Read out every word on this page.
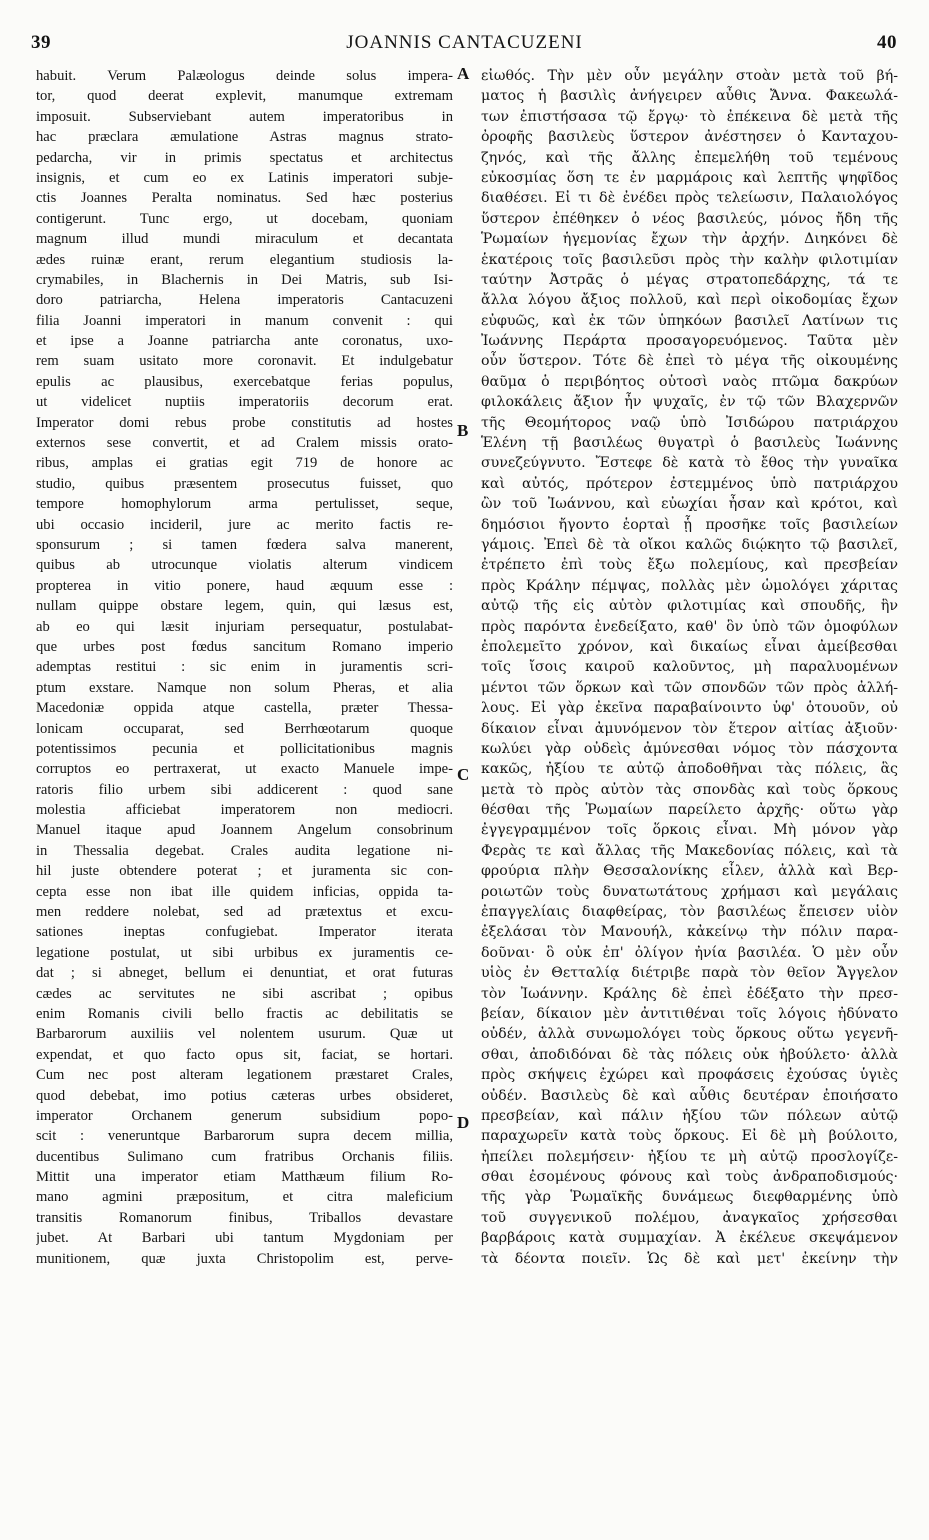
39	JOANNIS CANTACUZENI	40
habuit. Verum Palæologus deinde solus impera-
tor, quod deerat explevit, manumque extremam
imposuit. Subserviebant autem imperatoribus in
hac præclara æmulatione Astras magnus strato-
pedarcha, vir in primis spectatus et architectus
insignis, et cum eo ex Latinis imperatori subje-
ctis Joannes Peralta nominatus. Sed hæc posterius
contigerunt. Tunc ergo, ut docebam, quoniam
magnum illud mundi miraculum et decantata
ædes ruinæ erant, rerum elegantium studiosis la-
crymabiles, in Blachernis in Dei Matris, sub Isi-
doro patriarcha, Helena imperatoris Cantacuzeni
filia Joanni imperatori in manum convenit : qui
et ipse a Joanne patriarcha ante coronatus, uxo-
rem suam usitato more coronavit. Et indulgebatur
epulis ac plausibus, exercebatque ferias populus,
ut videlicet nuptiis imperatoriis decorum erat.
Imperator domi rebus probe constitutis ad hostes
externos sese convertit, et ad Cralem missis orato-
ribus, amplas ei gratias egit 719 de honore ac
studio, quibus præsentem prosecutus fuisset, quo
tempore homophylorum arma pertulisset, seque,
ubi occasio incideril, jure ac merito factis re-
sponsurum ; si tamen fœdera salva manerent,
quibus ab utrocunque violatis alterum vindicem
propterea in vitio ponere, haud æquum esse :
nullam quippe obstare legem, quin, qui læsus est,
ab eo qui læsit injuriam persequatur, postulabat-
que urbes post fœdus sancitum Romano imperio
ademptas restitui : sic enim in juramentis scri-
ptum exstare. Namque non solum Pheras, et alia
Macedoniæ oppida atque castella, præter Thessa-
lonicam occuparat, sed Berrhœotarum quoque
potentissimos pecunia et pollicitationibus magnis
corruptos eo pertraxerat, ut exacto Manuele impe-
ratoris filio urbem sibi addicerent : quod sane
molestia afficiebat imperatorem non mediocri.
Manuel itaque apud Joannem Angelum consobrinum
in Thessalia degebat. Crales audita legatione ni-
hil juste obtendere poterat ; et juramenta sic con-
cepta esse non ibat ille quidem inficias, oppida ta-
men reddere nolebat, sed ad prætextus et excu-
sationes ineptas confugiebat. Imperator iterata
legatione postulat, ut sibi urbibus ex juramentis ce-
dat ; si abneget, bellum ei denuntiat, et orat futuras
cædes ac servitutes ne sibi ascribat ; opibus
enim Romanis civili bello fractis ac debilitatis se
Barbarorum auxiliis vel nolentem usurum. Quæ ut
expendat, et quo facto opus sit, faciat, se hortari.
Cum nec post alteram legationem præstaret Crales,
quod debebat, imo potius cæteras urbes obsideret,
imperator Orchanem generum subsidium popo-
scit : veneruntque Barbarorum supra decem millia,
ducentibus Sulimano cum fratribus Orchanis filiis.
Mittit una imperator etiam Matthæum filium Ro-
mano agmini præpositum, et citra maleficium
transitis Romanorum finibus, Triballos devastare
jubet. At Barbari ubi tantum Mygdoniam per
munitionem, quæ juxta Christopolim est, perve-
εἰωθός. Τὴν μὲν οὖν μεγάλην στοὰν μετὰ τοῦ βή-
ματος ἡ βασιλὶς ἀνήγειρεν αὖθις Ἄννα. Φακεωλά-
των ἐπιστήσασα τῷ ἔργῳ· τὸ ἐπέκεινα δὲ μετὰ τῆς
ὀροφῆς βασιλεὺς ὕστερον ἀνέστησεν ὁ Κανταχου-
ζηνός, καὶ τῆς ἄλλης ἐπεμελήθη τοῦ τεμένους
εὐκοσμίας ὅση τε ἐν μαρμάροις καὶ λεπτῆς ψηφῖδος
διαθέσει. Εἰ τι δὲ ἐνέδει πρὸς τελείωσιν, Παλαιολόγος
ὕστερον ἐπέθηκεν ὁ νέος βασιλεύς, μόνος ἤδη τῆς
Ῥωμαίων ἡγεμονίας ἔχων τὴν ἀρχήν. Διηκόνει δὲ
ἑκατέροις τοῖς βασιλεῦσι πρὸς τὴν καλὴν φιλοτιμίαν
ταύτην Ἀστρᾶς ὁ μέγας στρατοπεδάρχης, τά τε
ἄλλα λόγου ἄξιος πολλοῦ, καὶ περὶ οἰκοδομίας ἔχων
εὐφυῶς, καὶ ἐκ τῶν ὑπηκόων βασιλεῖ Λατίνων τις
Ἰωάννης Περάρτα προσαγορευόμενος. Ταῦτα μὲν
οὖν ὕστερον. Τότε δὲ ἐπεὶ τὸ μέγα τῆς οἰκουμένης
θαῦμα ὁ περιβόητος οὑτοσὶ ναὸς πτῶμα δακρύων
φιλοκάλεις ἄξιον ἦν ψυχαῖς, ἐν τῷ τῶν Βλαχερνῶν
τῆς Θεομήτορος ναῷ ὑπὸ Ἰσιδώρου πατριάρχου
Ἑλένη τῇ βασιλέως θυγατρὶ ὁ βασιλεὺς Ἰωάννης
συνεζεύγνυτο. Ἔστεφε δὲ κατὰ τὸ ἔθος τὴν γυναῖκα
καὶ αὐτός, πρότερον ἐστεμμένος ὑπὸ πατριάρχου
ὢν τοῦ Ἰωάννου, καὶ εὐωχίαι ἦσαν καὶ κρότοι, καὶ
δημόσιοι ἤγοντο ἑορταὶ ᾗ προσῆκε τοῖς βασιλείων
γάμοις. Ἐπεὶ δὲ τὰ οἴκοι καλῶς διῴκητο τῷ βασιλεῖ,
ἐτρέπετο ἐπὶ τοὺς ἔξω πολεμίους, καὶ πρεσβείαν
πρὸς Κράλην πέμψας, πολλὰς μὲν ὡμολόγει χάριτας
αὐτῷ τῆς εἰς αὐτὸν φιλοτιμίας καὶ σπουδῆς, ἣν
πρὸς παρόντα ἐνεδείξατο, καθ' ὃν ὑπὸ τῶν ὁμοφύλων
ἐπολεμεῖτο χρόνον, καὶ δικαίως εἶναι ἀμείβεσθαι
τοῖς ἴσοις καιροῦ καλοῦντος, μὴ παραλυομένων
μέντοι τῶν ὅρκων καὶ τῶν σπονδῶν τῶν πρὸς ἀλλή-
λους. Εἰ γὰρ ἐκεῖνα παραβαίνοιντο ὑφ' ὁτουοῦν, οὐ
δίκαιον εἶναι ἀμυνόμενον τὸν ἕτερον αἰτίας ἀξιοῦν·
κωλύει γὰρ οὐδεὶς ἀμύνεσθαι νόμος τὸν πάσχοντα
κακῶς, ἠξίου τε αὐτῷ ἀποδοθῆναι τὰς πόλεις, ἃς
μετὰ τὸ πρὸς αὐτὸν τὰς σπονδὰς καὶ τοὺς ὅρκους
θέσθαι τῆς Ῥωμαίων παρείλετο ἀρχῆς· οὕτω γὰρ
ἐγγεγραμμένον τοῖς ὅρκοις εἶναι. Μὴ μόνον γὰρ
Φερὰς τε καὶ ἄλλας τῆς Μακεδονίας πόλεις, καὶ τὰ
φρούρια πλὴν Θεσσαλονίκης εἷλεν, ἀλλὰ καὶ Βερ-
ροιωτῶν τοὺς δυνατωτάτους χρήμασι καὶ μεγάλαις
ἐπαγγελίαις διαφθείρας, τὸν βασιλέως ἔπεισεν υἱὸν
ἐξελάσαι τὸν Μανουήλ, κἀκείνῳ τὴν πόλιν παρα-
δοῦναι· ὃ οὐκ ἐπ' ὀλίγον ἠνία βασιλέα. Ὁ μὲν οὖν
υἱὸς ἐν Θετταλίᾳ διέτριβε παρὰ τὸν θεῖον Ἄγγελον
τὸν Ἰωάννην. Κράλης δὲ ἐπεὶ ἐδέξατο τὴν πρεσ-
βείαν, δίκαιον μὲν ἀντιτιθέναι τοῖς λόγοις ἠδύνατο
οὐδέν, ἀλλὰ συνωμολόγει τοὺς ὅρκους οὕτω γεγενῆ-
σθαι, ἀποδιδόναι δὲ τὰς πόλεις οὐκ ἠβούλετο· ἀλλὰ
πρὸς σκήψεις ἐχώρει καὶ προφάσεις ἐχούσας ὑγιὲς
οὐδέν. Βασιλεὺς δὲ καὶ αὖθις δευτέραν ἐποιήσατο
πρεσβείαν, καὶ πάλιν ἠξίου τῶν πόλεων αὐτῷ
παραχωρεῖν κατὰ τοὺς ὅρκους. Εἰ δὲ μὴ βούλοιτο,
ἠπείλει πολεμήσειν· ἠξίου τε μὴ αὐτῷ προσλογίζε-
σθαι ἐσομένους φόνους καὶ τοὺς ἀνδραποδισμούς·
τῆς γὰρ Ῥωμαϊκῆς δυνάμεως διεφθαρμένης ὑπὸ
τοῦ συγγενικοῦ πολέμου, ἀναγκαῖος χρήσεσθαι
βαρβάροις κατὰ συμμαχίαν. Ἀ ἐκέλευε σκεψάμενον
τὰ δέοντα ποιεῖν. Ὡς δὲ καὶ μετ' ἐκείνην τὴν
A
B
C
D
